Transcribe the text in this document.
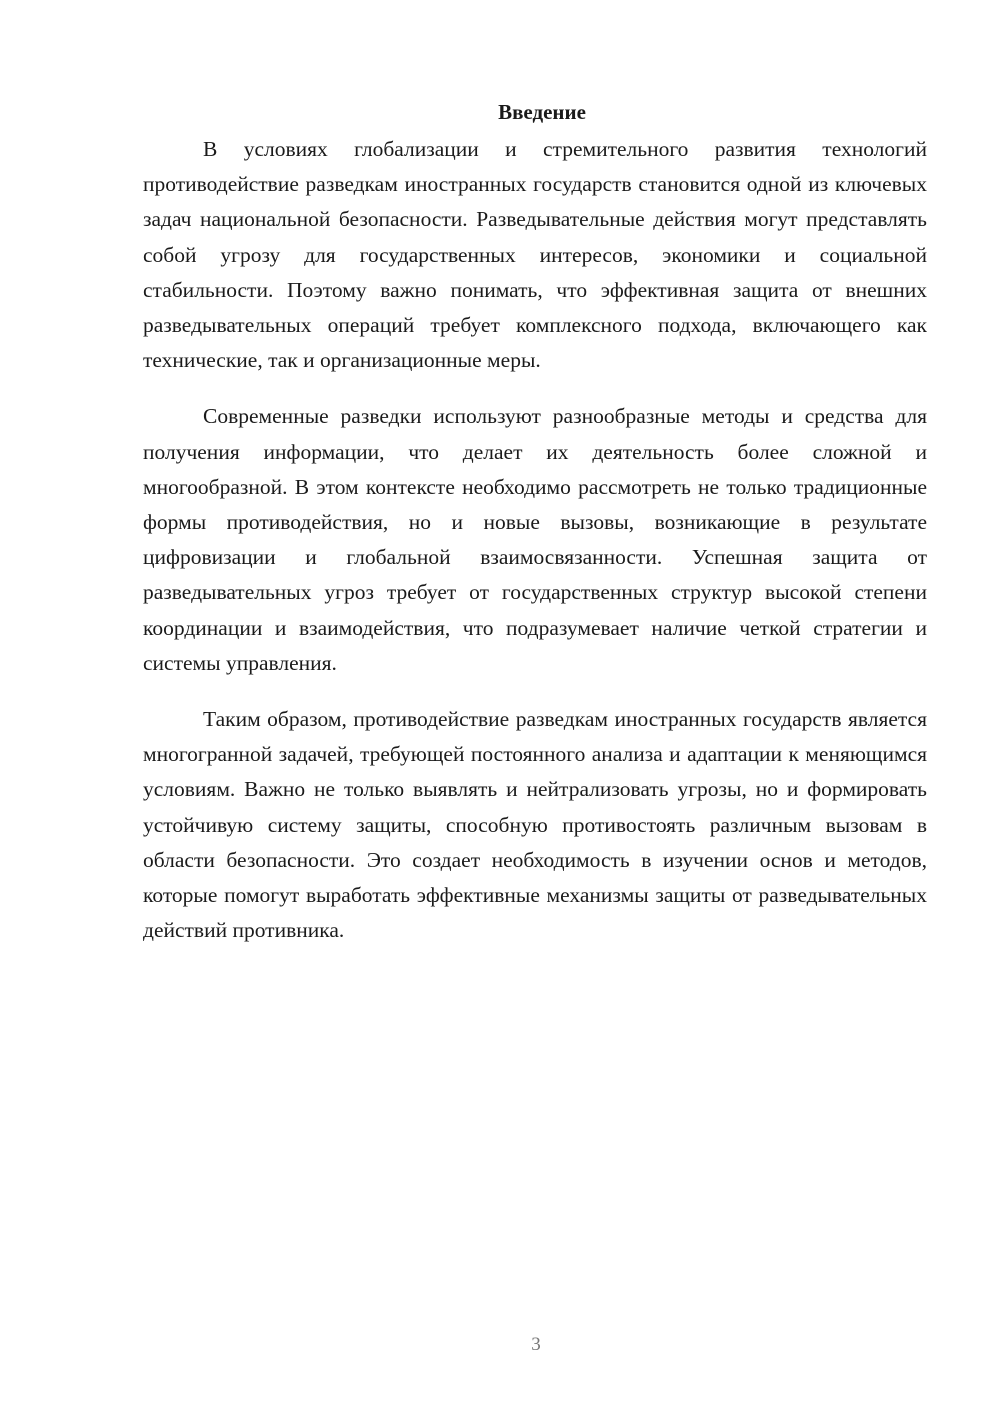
Введение

В условиях глобализации и стремительного развития технологий противодействие разведкам иностранных государств становится одной из ключевых задач национальной безопасности. Разведывательные действия могут представлять собой угрозу для государственных интересов, экономики и социальной стабильности. Поэтому важно понимать, что эффективная защита от внешних разведывательных операций требует комплексного подхода, включающего как технические, так и организационные меры.

Современные разведки используют разнообразные методы и средства для получения информации, что делает их деятельность более сложной и многообразной. В этом контексте необходимо рассмотреть не только традиционные формы противодействия, но и новые вызовы, возникающие в результате цифровизации и глобальной взаимосвязанности. Успешная защита от разведывательных угроз требует от государственных структур высокой степени координации и взаимодействия, что подразумевает наличие четкой стратегии и системы управления.

Таким образом, противодействие разведкам иностранных государств является многогранной задачей, требующей постоянного анализа и адаптации к меняющимся условиям. Важно не только выявлять и нейтрализовать угрозы, но и формировать устойчивую систему защиты, способную противостоять различным вызовам в области безопасности. Это создает необходимость в изучении основ и методов, которые помогут выработать эффективные механизмы защиты от разведывательных действий противника.

3
